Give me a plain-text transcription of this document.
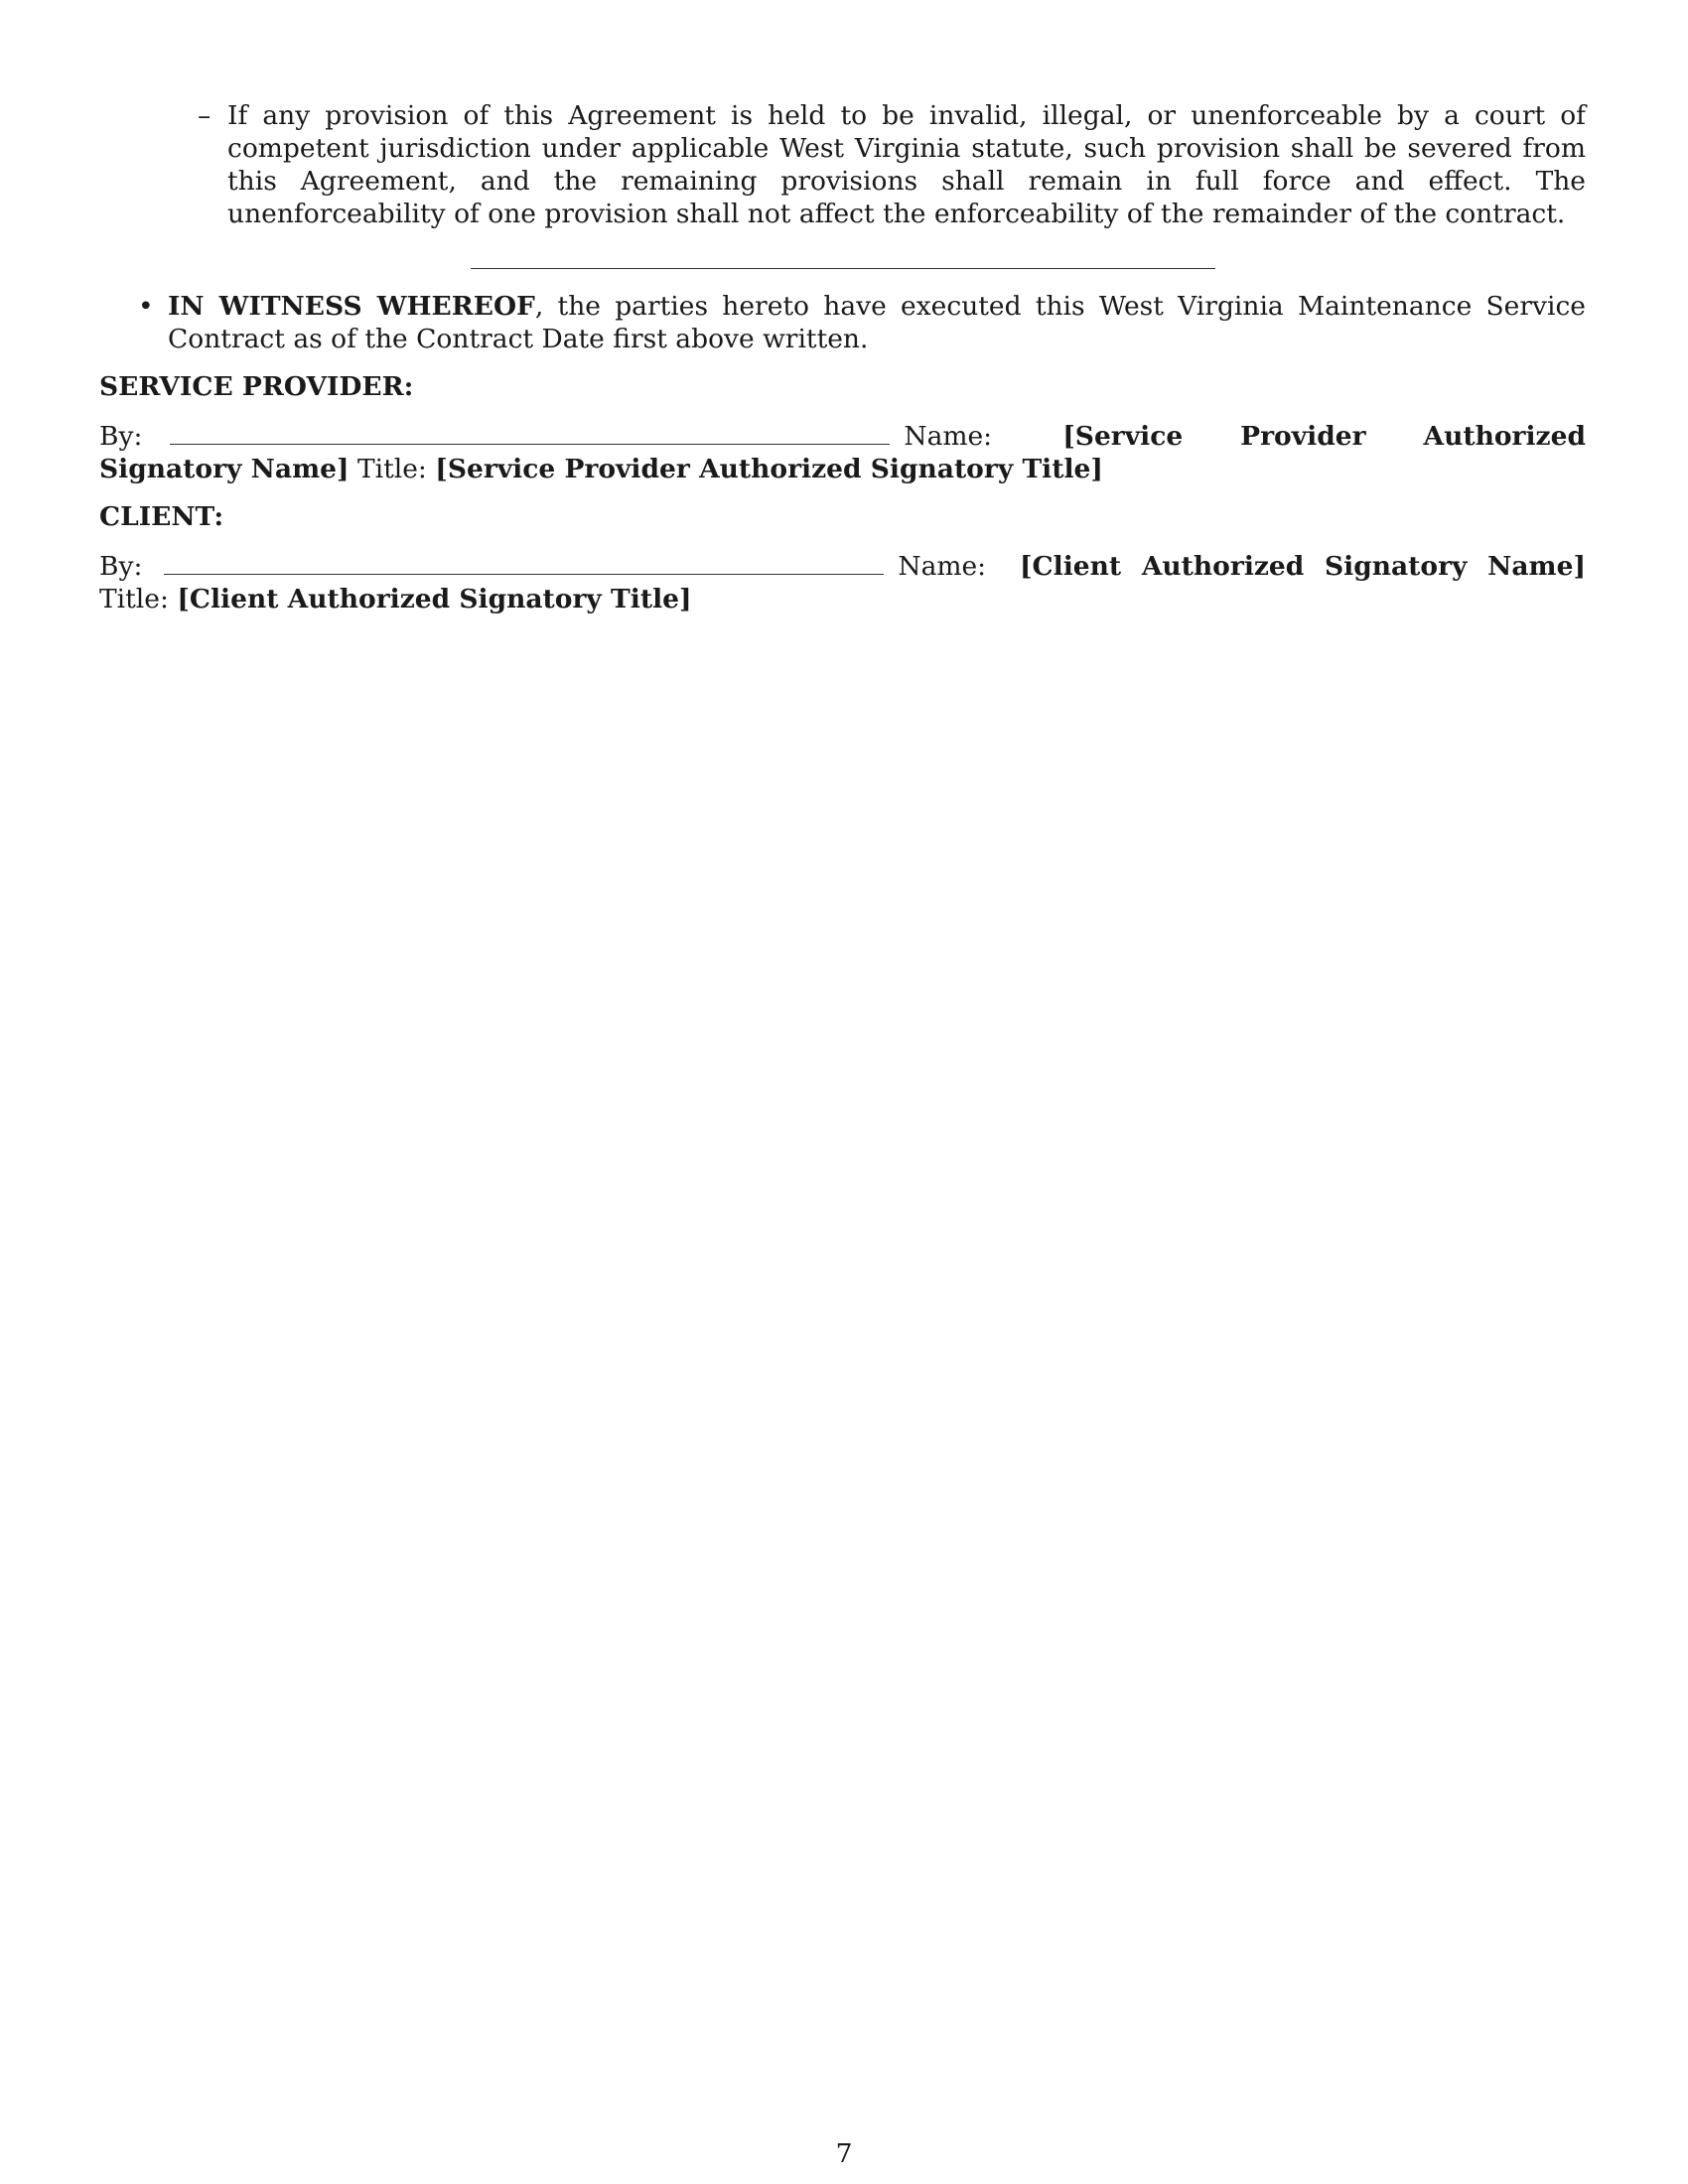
– If any provision of this Agreement is held to be invalid, illegal, or unenforceable by a court of competent jurisdiction under applicable West Virginia statute, such provision shall be severed from this Agreement, and the remaining provisions shall remain in full force and effect. The unenforceability of one provision shall not affect the enforceability of the remainder of the contract.
• IN WITNESS WHEREOF, the parties hereto have executed this West Virginia Maintenance Service Contract as of the Contract Date first above written.
SERVICE PROVIDER:
By:	Name:	[Service Provider Authorized Signatory Name] Title: [Service Provider Authorized Signatory Title]
CLIENT:
By:	Name: [Client Authorized Signatory Name] Title: [Client Authorized Signatory Title]
7
